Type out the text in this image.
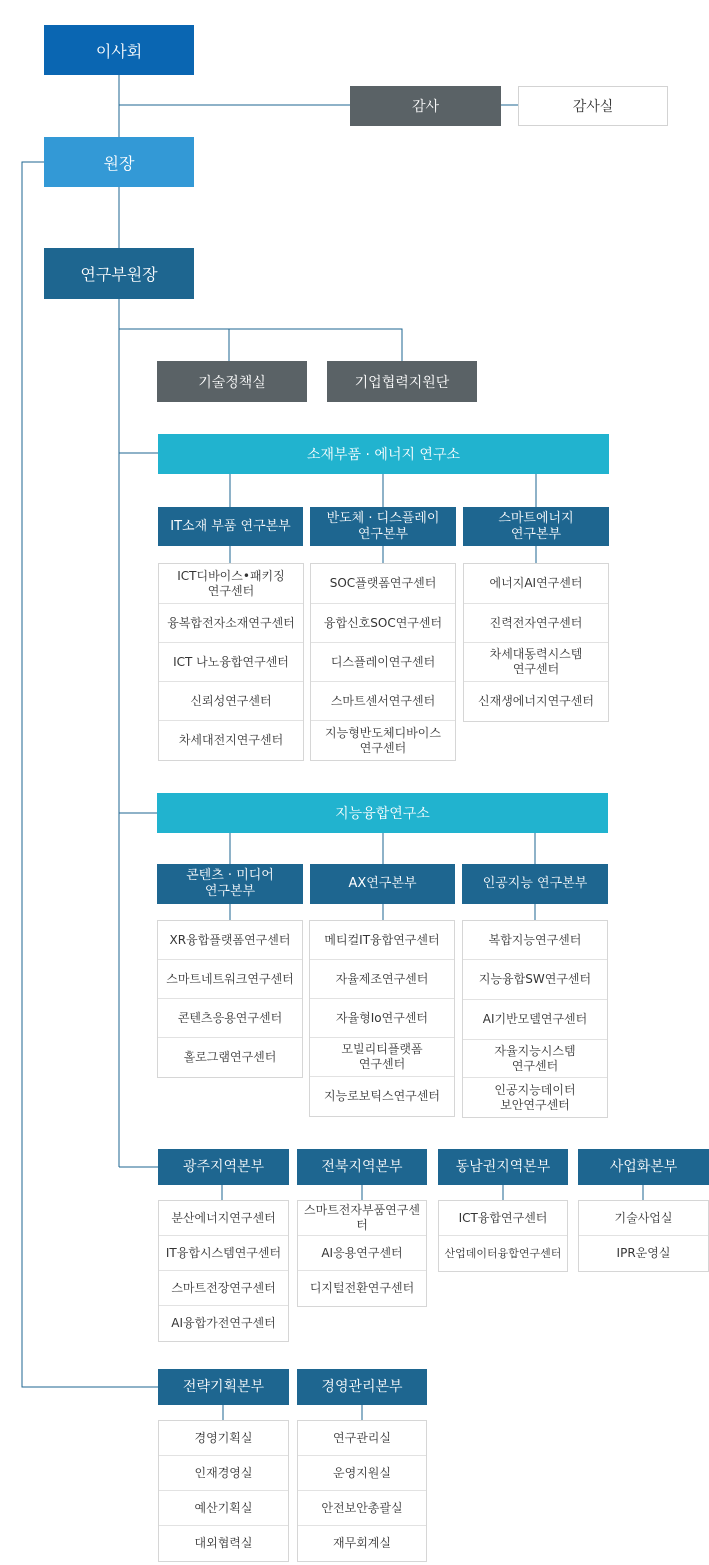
이사회
감사	감사실
원장
연구부원장
기술정책실	기업협력지원단
소재부품 · 에너지 연구소
IT소재 부품 연구본부
반도체 · 디스플레이
연구본부
스마트에너지
연구본부
ICT디바이스•패키징
연구센터
융복합전자소재연구센터
ICT 나노융합연구센터
신뢰성연구센터
차세대전지연구센터
SOC플랫폼연구센터
융합신호SOC연구센터
디스플레이연구센터
스마트센서연구센터
지능형반도체디바이스
연구센터
에너지AI연구센터
진력전자연구센터
차세대동력시스템
연구센터
신재생에너지연구센터
지능융합연구소
콘텐츠 · 미디어
연구본부
AX연구본부	인공지능 연구본부
XR융합플랫폼연구센터
스마트네트워크연구센터
콘텐츠응용연구센터
홀로그램연구센터
메티컬IT융합연구센터
자율제조연구센터
자율형Io연구센터
모빌리티플랫폼
연구센터
지능로보틱스연구센터
복합지능연구센터
지능융합SW연구센터
AI기반모델연구센터
자율지능시스템
연구센터
인공지능데이터
보안연구센터
광주지역본부	전북지역본부	동남권지역본부	사업화본부
분산에너지연구센터
IT융합시스템연구센터
스마트전장연구센터
AI융합가전연구센터
스마트전자부품연구센터
AI응용연구센터
디지털전환연구센터
ICT융합연구센터
산업데이터융합연구센터
기술사업실
IPR운영실
전략기획본부	경영관리본부
경영기획실
인재경영실
예산기획실
대외협력실
연구관리실
운영지원실
안전보안총괄실
재무회계실
